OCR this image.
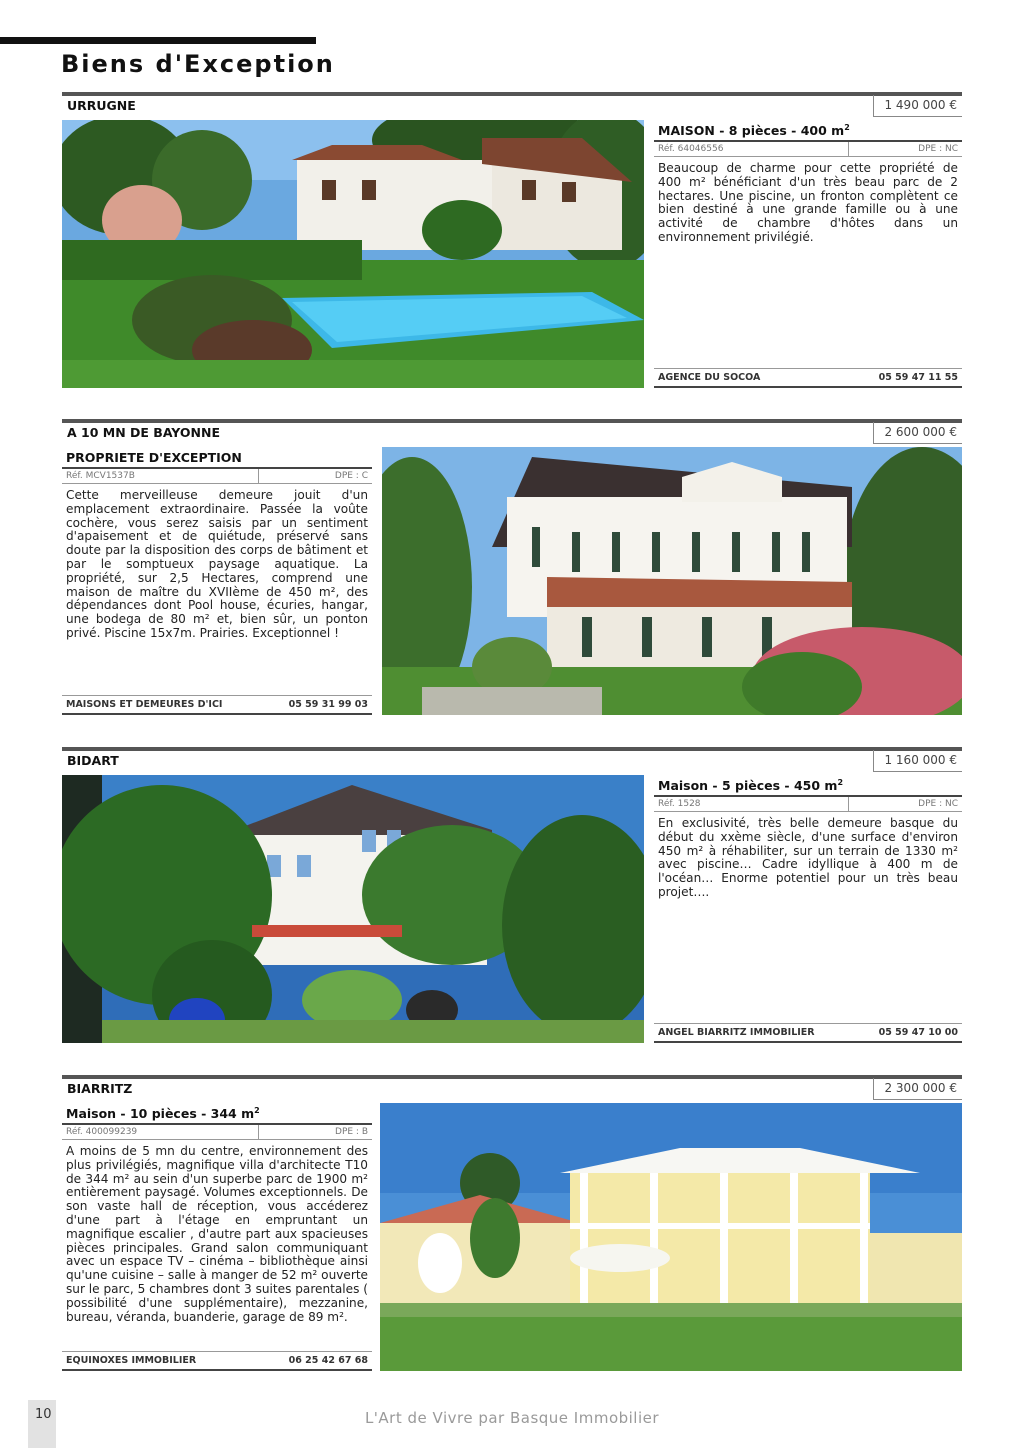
Biens d'Exception
URRUGNE	1 490 000 €
MAISON - 8 pièces - 400 $m^2$
Réf. 64046556	DPE : NC
Beaucoup de charme pour cette propriété de 400 m² bénéficiant d'un très beau parc de 2 hectares. Une piscine, un fronton complètent ce bien destiné à une grande famille ou à une activité de chambre d'hôtes dans un environnement privilégié.
AGENCE DU SOCOA	05 59 47 11 55
A 10 MN DE BAYONNE	2 600 000 €
PROPRIETE D'EXCEPTION
Réf. MCV1537B	DPE : C
Cette merveilleuse demeure jouit d'un emplacement extraordinaire. Passée la voûte cochère, vous serez saisis par un sentiment d'apaisement et de quiétude, préservé sans doute par la disposition des corps de bâtiment et par le somptueux paysage aquatique. La propriété, sur 2,5 Hectares, comprend une maison de maître du XVIIème de 450 m², des dépendances dont Pool house, écuries, hangar, une bodega de 80 m² et, bien sûr, un ponton privé. Piscine 15x7m. Prairies. Exceptionnel !
MAISONS ET DEMEURES D'ICI	05 59 31 99 03
BIDART	1 160 000 €
Maison - 5 pièces - 450 $m^2$
Réf. 1528	DPE : NC
En exclusivité, très belle demeure basque du début du xxème siècle, d'une surface d'environ 450 m² à réhabiliter, sur un terrain de 1330 m² avec piscine… Cadre idyllique à 400 m de l'océan… Enorme potentiel pour un très beau projet….
ANGEL BIARRITZ IMMOBILIER	05 59 47 10 00
BIARRITZ	2 300 000 €
Maison - 10 pièces - 344 $m^2$
Réf. 400099239	DPE : B
A moins de 5 mn du centre, environnement des plus privilégiés, magnifique villa d'architecte T10 de 344 m² au sein d'un superbe parc de 1900 m² entièrement paysagé. Volumes exceptionnels. De son vaste hall de réception, vous accéderez d'une part à l'étage en empruntant un magnifique escalier , d'autre part aux spacieuses pièces principales. Grand salon communiquant avec un espace TV – cinéma – bibliothèque ainsi qu'une cuisine – salle à manger de 52 m² ouverte sur le parc, 5 chambres dont 3 suites parentales ( possibilité d'une supplémentaire), mezzanine, bureau, véranda, buanderie, garage de 89 m².
EQUINOXES IMMOBILIER	06 25 42 67 68
10	L'Art de Vivre par Basque Immobilier
